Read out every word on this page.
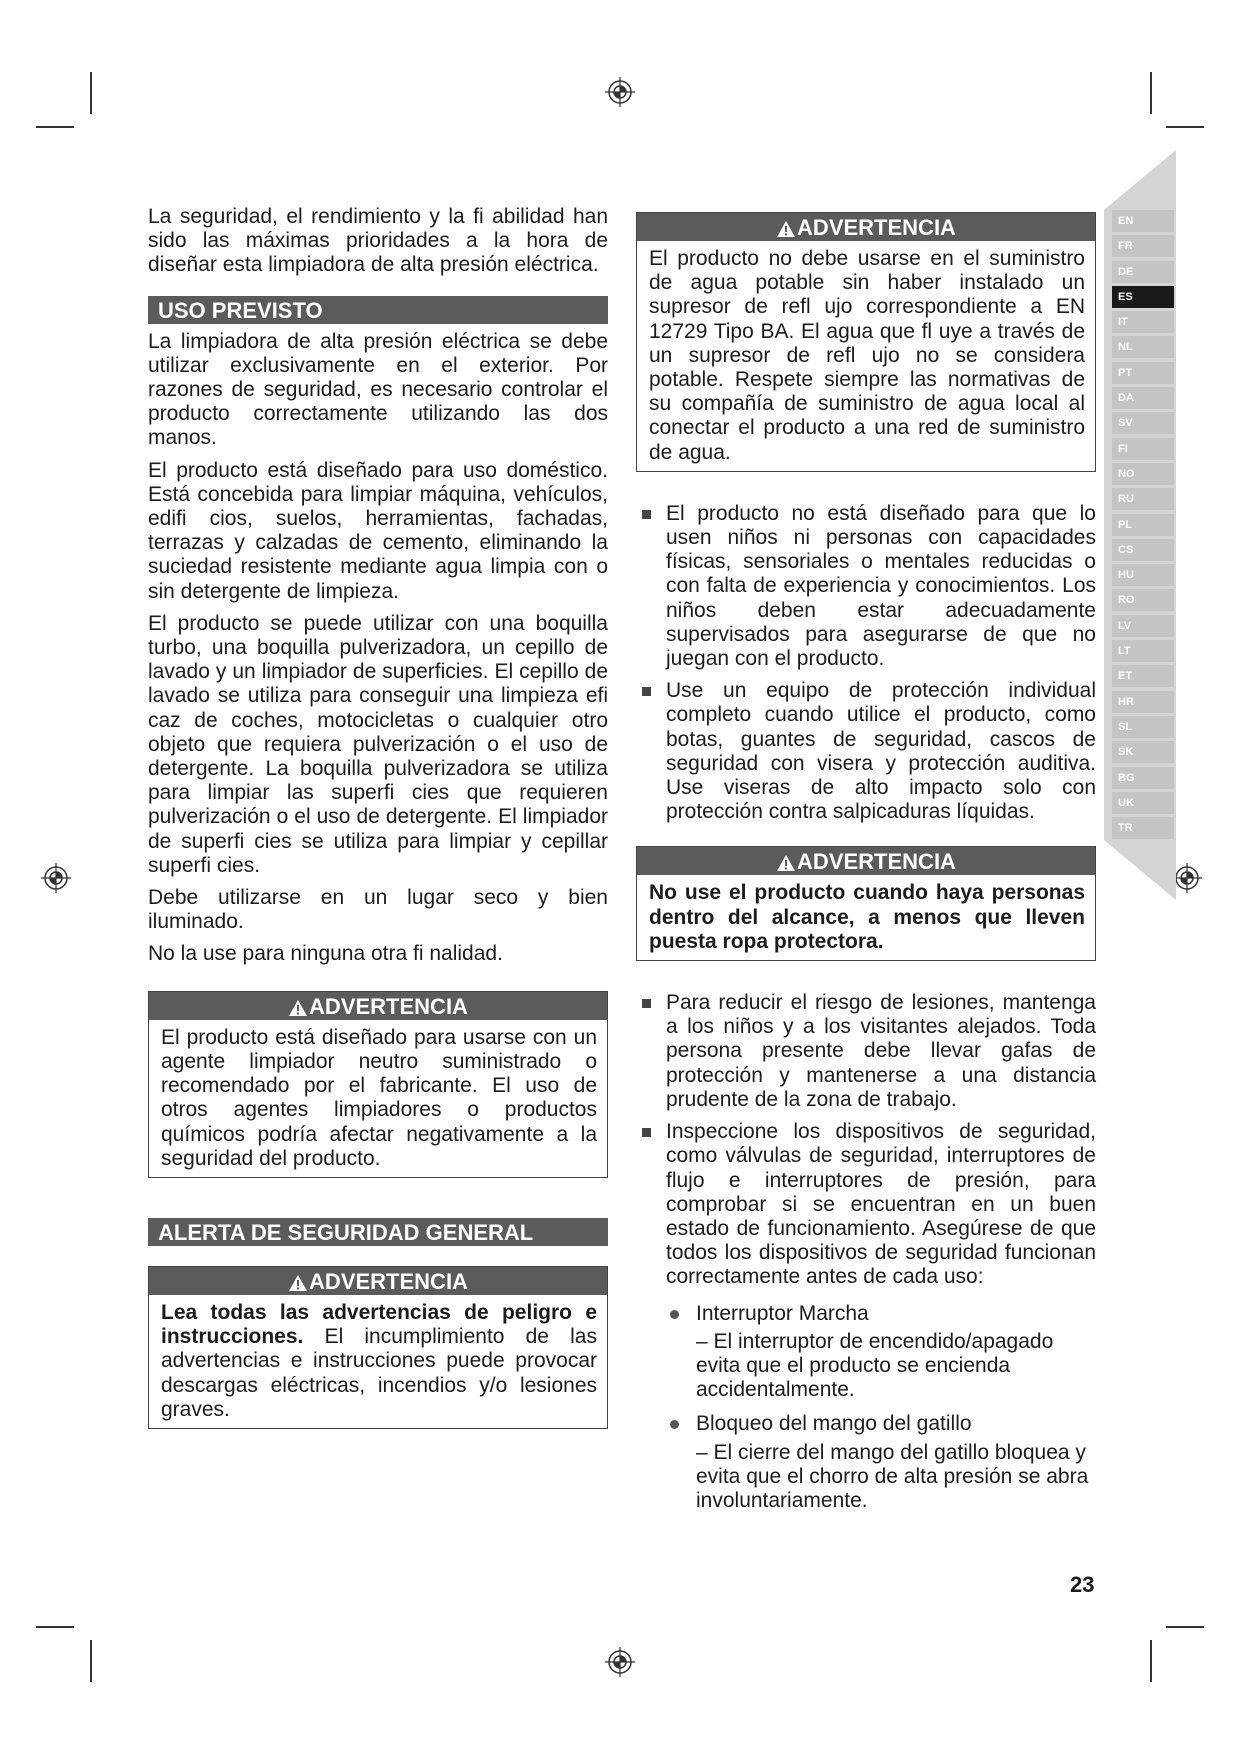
EN
FR
DE
ES
IT
NL
PT
DA
SV
FI
NO
RU
PL
CS
HU
RO
LV
LT
ET
HR
SL
SK
BG
UK
TR

La seguridad, el rendimiento y la fi abilidad han sido las máximas prioridades a la hora de diseñar esta limpiadora de alta presión eléctrica.

USO PREVISTO

La limpiadora de alta presión eléctrica se debe utilizar exclusivamente en el exterior. Por razones de seguridad, es necesario controlar el producto correctamente utilizando las dos manos.

El producto está diseñado para uso doméstico. Está concebida para limpiar máquina, vehículos, edifi cios, suelos, herramientas, fachadas, terrazas y calzadas de cemento, eliminando la suciedad resistente mediante agua limpia con o sin detergente de limpieza.

El producto se puede utilizar con una boquilla turbo, una boquilla pulverizadora, un cepillo de lavado y un limpiador de superficies. El cepillo de lavado se utiliza para conseguir una limpieza efi caz de coches, motocicletas o cualquier otro objeto que requiera pulverización o el uso de detergente. La boquilla pulverizadora se utiliza para limpiar las superfi cies que requieren pulverización o el uso de detergente. El limpiador de superfi cies se utiliza para limpiar y cepillar superfi cies.

Debe utilizarse en un lugar seco y bien iluminado.

No la use para ninguna otra fi nalidad.

ADVERTENCIA
El producto está diseñado para usarse con un agente limpiador neutro suministrado o recomendado por el fabricante. El uso de otros agentes limpiadores o productos químicos podría afectar negativamente a la seguridad del producto.
ALERTA DE SEGURIDAD GENERAL
ADVERTENCIA
Lea todas las advertencias de peligro e instrucciones. El incumplimiento de las advertencias e instrucciones puede provocar descargas eléctricas, incendios y/o lesiones graves.
ADVERTENCIA
El producto no debe usarse en el suministro de agua potable sin haber instalado un supresor de refl ujo correspondiente a EN 12729 Tipo BA. El agua que fl uye a través de un supresor de refl ujo no se considera potable. Respete siempre las normativas de su compañía de suministro de agua local al conectar el producto a una red de suministro de agua.
El producto no está diseñado para que lo usen niños ni personas con capacidades físicas, sensoriales o mentales reducidas o con falta de experiencia y conocimientos. Los niños deben estar adecuadamente supervisados para asegurarse de que no juegan con el producto.
Use un equipo de protección individual completo cuando utilice el producto, como botas, guantes de seguridad, cascos de seguridad con visera y protección auditiva. Use viseras de alto impacto solo con protección contra salpicaduras líquidas.
ADVERTENCIA
No use el producto cuando haya personas dentro del alcance, a menos que lleven puesta ropa protectora.
Para reducir el riesgo de lesiones, mantenga a los niños y a los visitantes alejados. Toda persona presente debe llevar gafas de protección y mantenerse a una distancia prudente de la zona de trabajo.
Inspeccione los dispositivos de seguridad, como válvulas de seguridad, interruptores de flujo e interruptores de presión, para comprobar si se encuentran en un buen estado de funcionamiento. Asegúrese de que todos los dispositivos de seguridad funcionan correctamente antes de cada uso:
Interruptor Marcha
– El interruptor de encendido/apagado evita que el producto se encienda accidentalmente.
Bloqueo del mango del gatillo
– El cierre del mango del gatillo bloquea y evita que el chorro de alta presión se abra involuntariamente.
23
